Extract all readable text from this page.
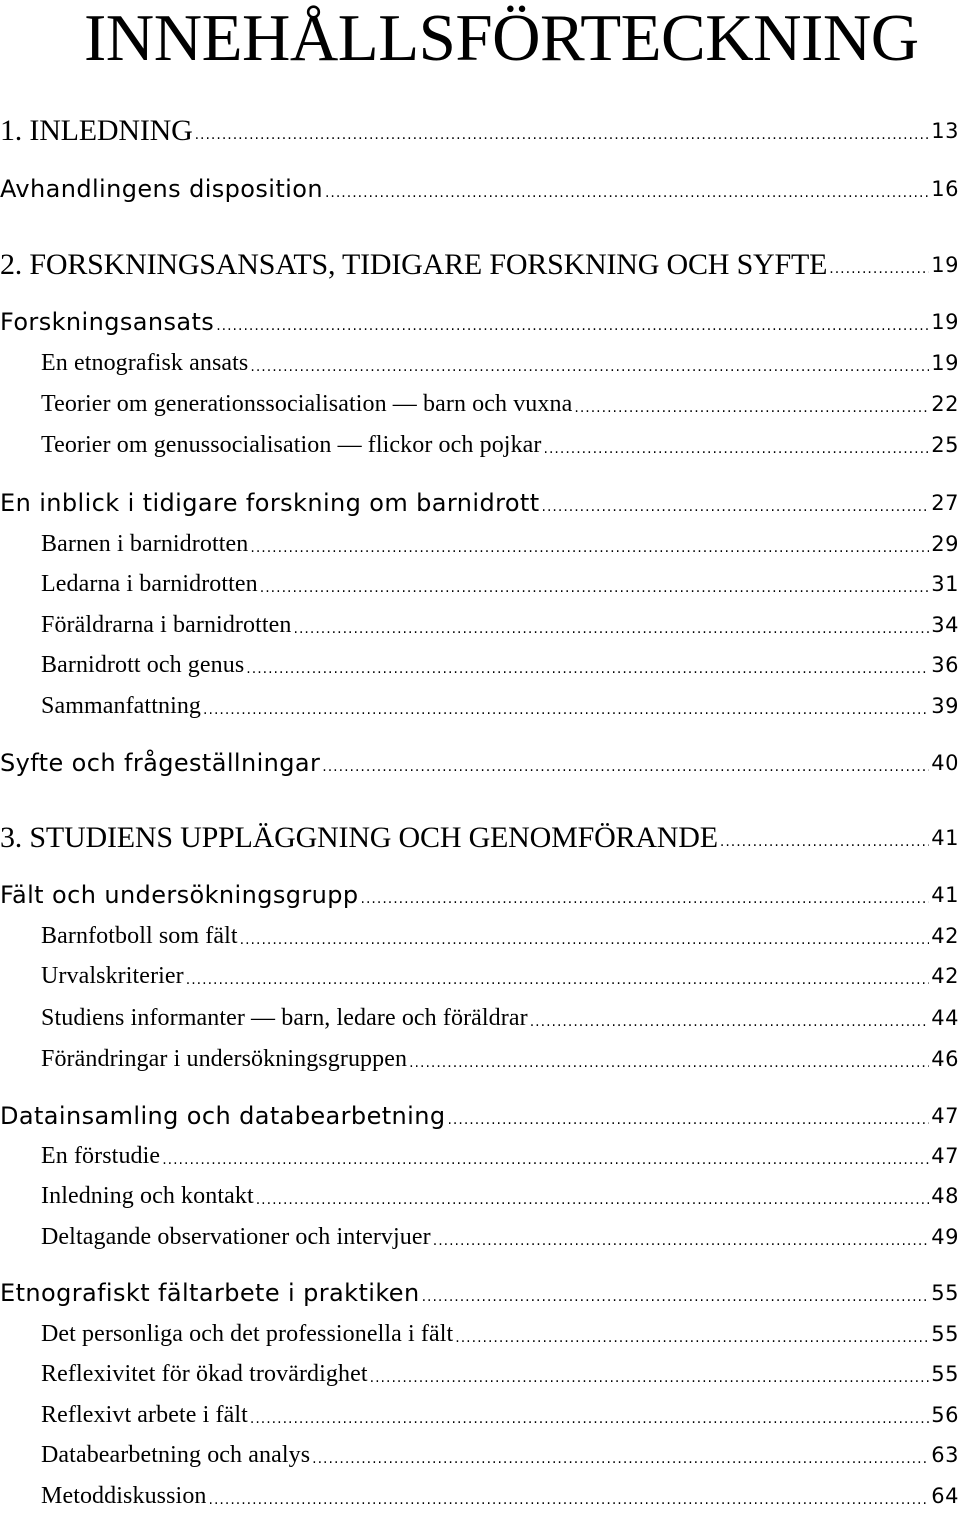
INNEHÅLLSFÖRTECKNING
1. INLEDNING .....	13
Avhandlingens disposition .....	16
2. FORSKNINGSANSATS, TIDIGARE FORSKNING OCH SYFTE .....	19
Forskningsansats .....	19
En etnografisk ansats .....	19
Teorier om generationssocialisation — barn och vuxna .....	22
Teorier om genussocialisation — flickor och pojkar .....	25
En inblick i tidigare forskning om barnidrott .....	27
Barnen i barnidrotten .....	29
Ledarna i barnidrotten .....	31
Föräldrarna i barnidrotten .....	34
Barnidrott och genus .....	36
Sammanfattning .....	39
Syfte och frågeställningar .....	40
3. STUDIENS UPPLÄGGNING OCH GENOMFÖRANDE .....	41
Fält och undersökningsgrupp .....	41
Barnfotboll som fält .....	42
Urvalskriterier .....	42
Studiens informanter — barn, ledare och föräldrar .....	44
Förändringar i undersökningsgruppen .....	46
Datainsamling och databearbetning .....	47
En förstudie .....	47
Inledning och kontakt .....	48
Deltagande observationer och intervjuer .....	49
Etnografiskt fältarbete i praktiken .....	55
Det personliga och det professionella i fält .....	55
Reflexivitet för ökad trovärdighet .....	55
Reflexivt arbete i fält .....	56
Databearbetning och analys .....	63
Metoddiskussion .....	64
